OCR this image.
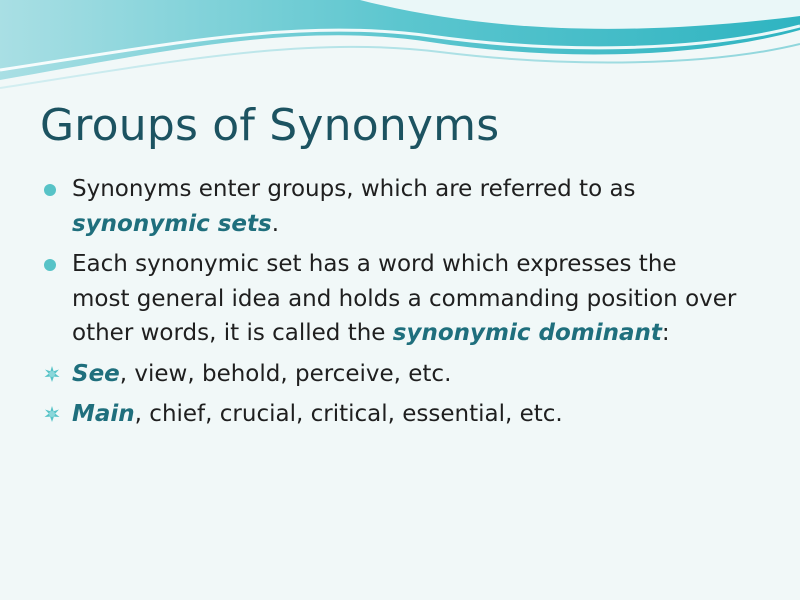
Groups of Synonyms
Synonyms enter groups, which are referred to as synonymic sets.
Each synonymic set has a word which expresses the most general idea and holds a commanding position over other words, it is called the synonymic dominant:
See, view, behold, perceive, etc.
Main, chief, crucial, critical, essential, etc.
